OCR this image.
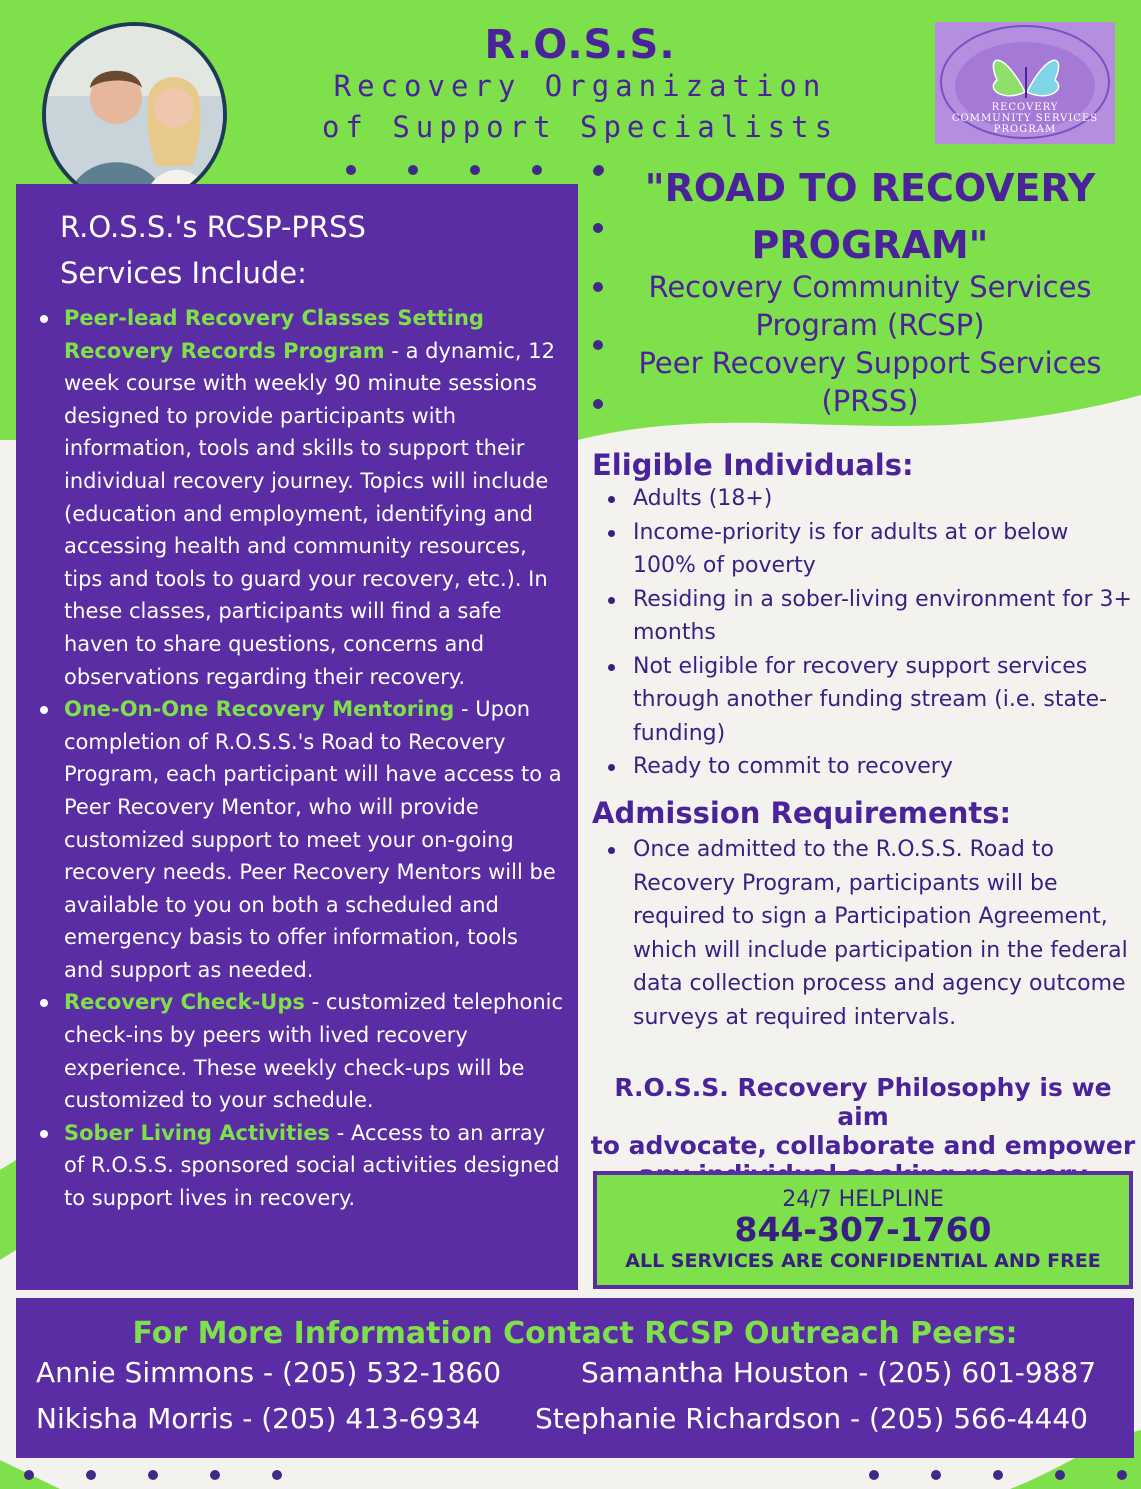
R.O.S.S.
Recovery Organization
of Support Specialists
RECOVERY
COMMUNITY SERVICES
PROGRAM
R.O.S.S.'s RCSP-PRSS
Services Include:
Peer-lead Recovery Classes Setting Recovery Records Program - a dynamic, 12 week course with weekly 90 minute sessions designed to provide participants with information, tools and skills to support their individual recovery journey. Topics will include (education and employment, identifying and accessing health and community resources, tips and tools to guard your recovery, etc.). In these classes, participants will find a safe haven to share questions, concerns and observations regarding their recovery.
One-On-One Recovery Mentoring - Upon completion of R.O.S.S.'s Road to Recovery Program, each participant will have access to a Peer Recovery Mentor, who will provide customized support to meet your on-going recovery needs. Peer Recovery Mentors will be available to you on both a scheduled and emergency basis to offer information, tools and support as needed.
Recovery Check-Ups - customized telephonic check-ins by peers with lived recovery experience. These weekly check-ups will be customized to your schedule.
Sober Living Activities - Access to an array of R.O.S.S. sponsored social activities designed to support lives in recovery.
"ROAD TO RECOVERY
PROGRAM"
Recovery Community Services
Program (RCSP)
Peer Recovery Support Services
(PRSS)
Eligible Individuals:
Adults (18+)
Income-priority is for adults at or below 100% of poverty
Residing in a sober-living environment for 3+ months
Not eligible for recovery support services through another funding stream (i.e. state-funding)
Ready to commit to recovery
Admission Requirements:
Once admitted to the R.O.S.S. Road to Recovery Program, participants will be required to sign a Participation Agreement, which will include participation in the federal data collection process and agency outcome surveys at required intervals.
R.O.S.S. Recovery Philosophy is we aim
to advocate, collaborate and empower
24/7 HELPLINE
844-307-1760
ALL SERVICES ARE CONFIDENTIAL AND FREE
For More Information Contact RCSP Outreach Peers:
Annie Simmons - (205) 532-1860	Samantha Houston - (205) 601-9887
Nikisha Morris - (205) 413-6934 Stephanie Richardson - (205) 566-4440
